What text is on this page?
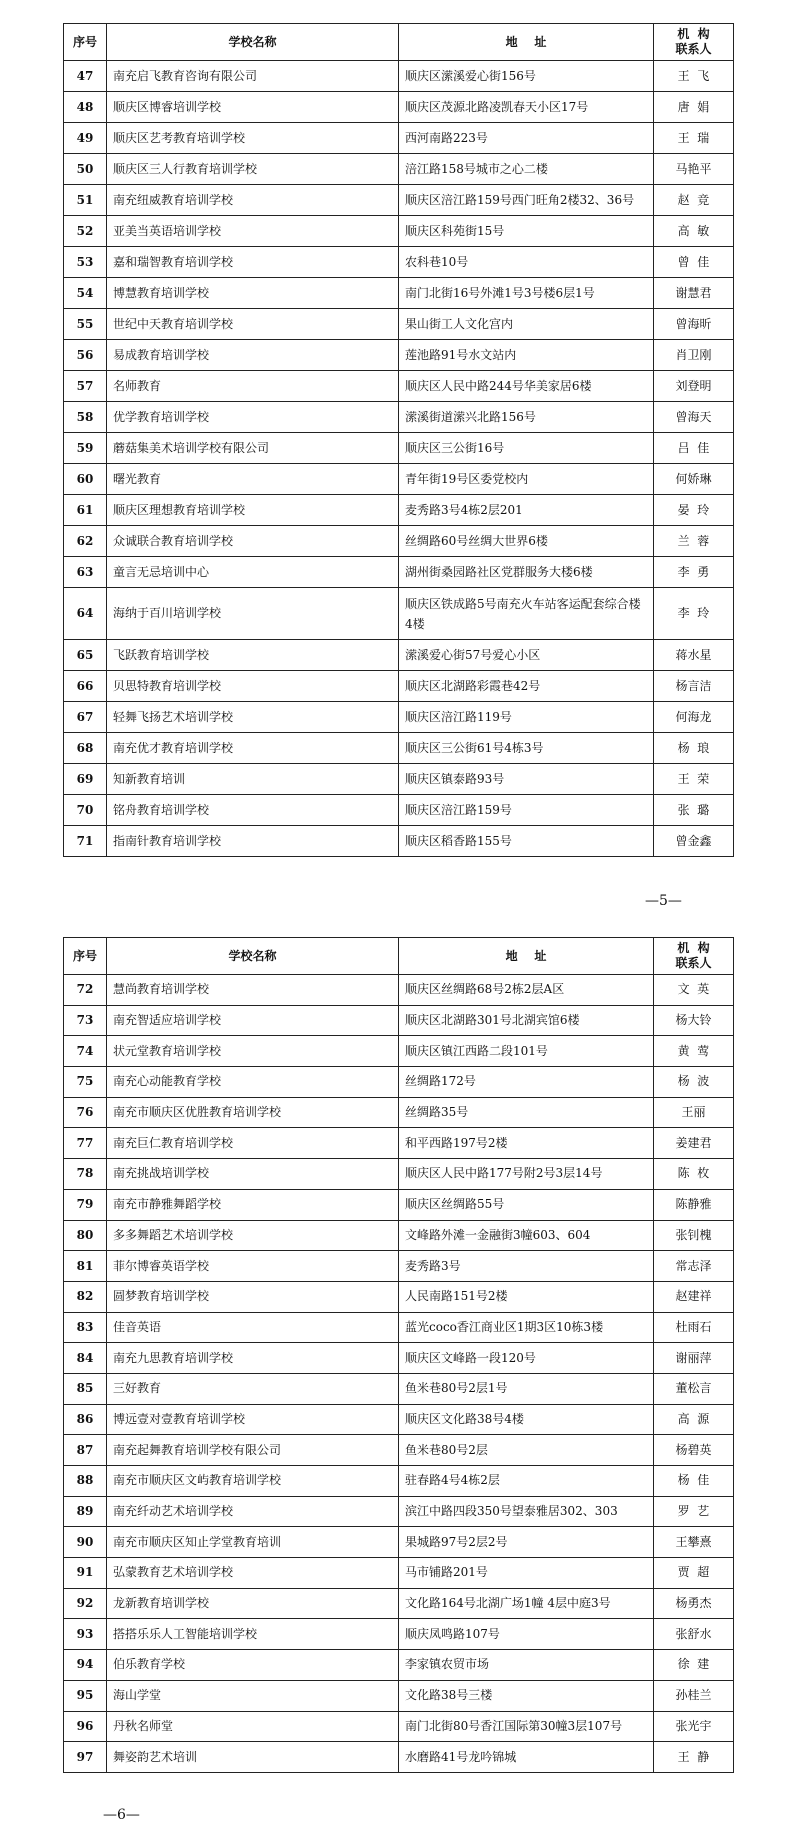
序号	学校名称	地    址	机  构
联系人
47	南充启飞教育咨询有限公司	顺庆区潆溪爱心街156号	王  飞
48	顺庆区博睿培训学校	顺庆区茂源北路凌凯春天小区17号	唐  娟
49	顺庆区艺考教育培训学校	西河南路223号	王  瑞
50	顺庆区三人行教育培训学校	涪江路158号城市之心二楼	马艳平
51	南充纽威教育培训学校	顺庆区涪江路159号西门旺角2楼32、36号	赵  竞
52	亚美当英语培训学校	顺庆区科苑街15号	高  敏
53	嘉和瑞智教育培训学校	农科巷10号	曾  佳
54	博慧教育培训学校	南门北街16号外滩1号3号楼6层1号	谢慧君
55	世纪中天教育培训学校	果山街工人文化宫内	曾海昕
56	易成教育培训学校	莲池路91号水文站内	肖卫刚
57	名师教育	顺庆区人民中路244号华美家居6楼	刘登明
58	优学教育培训学校	潆溪街道潆兴北路156号	曾海天
59	蘑菇集美术培训学校有限公司	顺庆区三公街16号	吕  佳
60	曙光教育	青年街19号区委党校内	何娇琳
61	顺庆区理想教育培训学校	麦秀路3号4栋2层201	晏  玲
62	众诚联合教育培训学校	丝绸路60号丝绸大世界6楼	兰  蓉
63	童言无忌培训中心	湖州街桑园路社区党群服务大楼6楼	李  勇
64	海纳于百川培训学校	顺庆区铁成路5号南充火车站客运配套综合楼4楼	李  玲
65	飞跃教育培训学校	潆溪爱心街57号爱心小区	蒋水星
66	贝思特教育培训学校	顺庆区北湖路彩霞巷42号	杨言洁
67	轻舞飞扬艺术培训学校	顺庆区涪江路119号	何海龙
68	南充优才教育培训学校	顺庆区三公街61号4栋3号	杨  琅
69	知新教育培训	顺庆区镇泰路93号	王  荣
70	铭舟教育培训学校	顺庆区涪江路159号	张  璐
71	指南针教育培训学校	顺庆区稻香路155号	曾金鑫
—5—
序号	学校名称	地    址	机  构
联系人
72	慧尚教育培训学校	顺庆区丝绸路68号2栋2层A区	文  英
73	南充智适应培训学校	顺庆区北湖路301号北湖宾馆6楼	杨大铃
74	状元堂教育培训学校	顺庆区镇江西路二段101号	黄  莺
75	南充心动能教育学校	丝绸路172号	杨  波
76	南充市顺庆区优胜教育培训学校	丝绸路35号	王丽
77	南充巨仁教育培训学校	和平西路197号2楼	姜建君
78	南充挑战培训学校	顺庆区人民中路177号附2号3层14号	陈  枚
79	南充市静雅舞蹈学校	顺庆区丝绸路55号	陈静雅
80	多多舞蹈艺术培训学校	文峰路外滩一金融街3幢603、604	张钊槐
81	菲尔博睿英语学校	麦秀路3号	常志泽
82	圆梦教育培训学校	人民南路151号2楼	赵建祥
83	佳音英语	蓝光coco香江商业区1期3区10栋3楼	杜雨石
84	南充九思教育培训学校	顺庆区文峰路一段120号	谢丽萍
85	三好教育	鱼米巷80号2层1号	董松言
86	博远壹对壹教育培训学校	顺庆区文化路38号4楼	高  源
87	南充起舞教育培训学校有限公司	鱼米巷80号2层	杨碧英
88	南充市顺庆区文屿教育培训学校	驻春路4号4栋2层	杨  佳
89	南充纤动艺术培训学校	滨江中路四段350号望泰雅居302、303	罗  艺
90	南充市顺庆区知止学堂教育培训	果城路97号2层2号	王攀熹
91	弘蒙教育艺术培训学校	马市铺路201号	贾  超
92	龙新教育培训学校	文化路164号北湖广场1幢 4层中庭3号	杨勇杰
93	搭搭乐乐人工智能培训学校	顺庆凤鸣路107号	张舒水
94	伯乐教育学校	李家镇农贸市场	徐  建
95	海山学堂	文化路38号三楼	孙桂兰
96	丹秋名师堂	南门北街80号香江国际第30幢3层107号	张光宇
97	舞姿韵艺术培训	水磨路41号龙吟锦城	王  静
—6—
